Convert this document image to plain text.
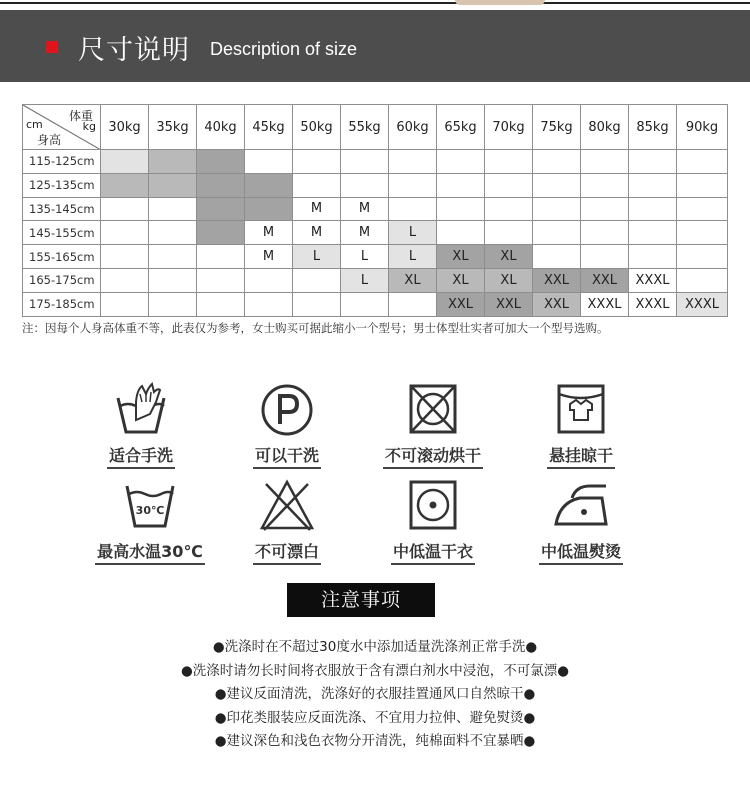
尺寸说明 Description of size
体重
cm kg
身高	30kg	35kg	40kg	45kg	50kg	55kg	60kg	65kg	70kg	75kg	80kg	85kg	90kg
115-125cm													
125-135cm													
135-145cm					M	M							
145-155cm				M	M	M	L						
155-165cm				M	L	L	L	XL	XL				
165-175cm						L	XL	XL	XL	XXL	XXL	XXXL	
175-185cm								XXL	XXL	XXL	XXXL	XXXL	XXXL
注：因每个人身高体重不等，此表仅为参考，女士购买可据此缩小一个型号；男士体型壮实者可加大一个型号选购。
适合手洗	可以干洗	不可滚动烘干	悬挂晾干
30℃
最高水温30℃	不可漂白	中低温干衣	中低温熨烫
注意事项
●洗涤时在不超过30度水中添加适量洗涤剂正常手洗●
●洗涤时请勿长时间将衣服放于含有漂白剂水中浸泡，不可氯漂●
●建议反面清洗，洗涤好的衣服挂置通风口自然晾干●
●印花类服装应反面洗涤、不宜用力拉伸、避免熨烫●
●建议深色和浅色衣物分开清洗，纯棉面料不宜暴晒●
